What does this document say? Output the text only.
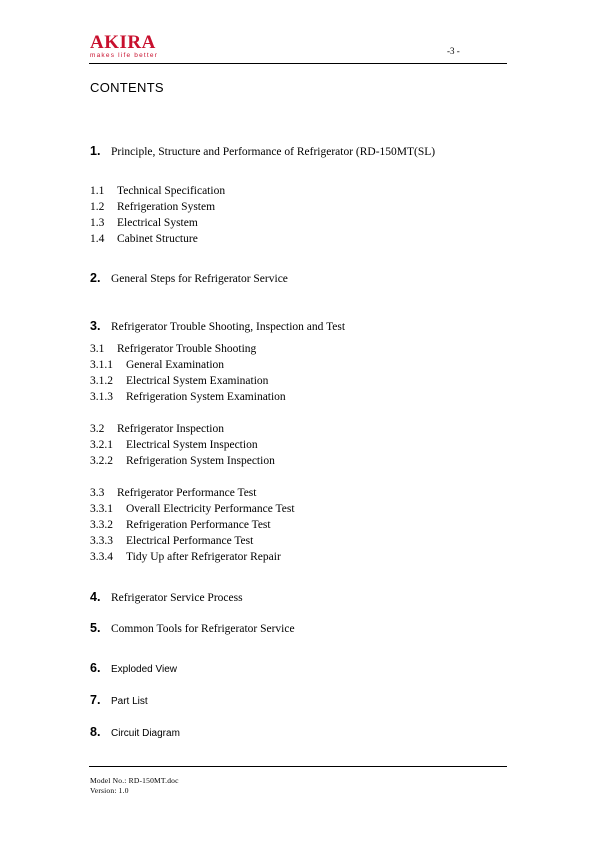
AKIRA
makes life better	-3 -
CONTENTS
1. Principle, Structure and Performance of Refrigerator (RD-150MT(SL)
1.1 Technical Specification
1.2 Refrigeration System
1.3 Electrical System
1.4 Cabinet Structure
2. General Steps for Refrigerator Service
3. Refrigerator Trouble Shooting, Inspection and Test
3.1 Refrigerator Trouble Shooting
3.1.1 General Examination
3.1.2 Electrical System Examination
3.1.3 Refrigeration System Examination
3.2 Refrigerator Inspection
3.2.1 Electrical System Inspection
3.2.2 Refrigeration System Inspection
3.3 Refrigerator Performance Test
3.3.1 Overall Electricity Performance Test
3.3.2 Refrigeration Performance Test
3.3.3 Electrical Performance Test
3.3.4 Tidy Up after Refrigerator Repair
4. Refrigerator Service Process
5. Common Tools for Refrigerator Service
6. Exploded View
7. Part List
8. Circuit Diagram
Model No.: RD-150MT.doc
Version: 1.0
